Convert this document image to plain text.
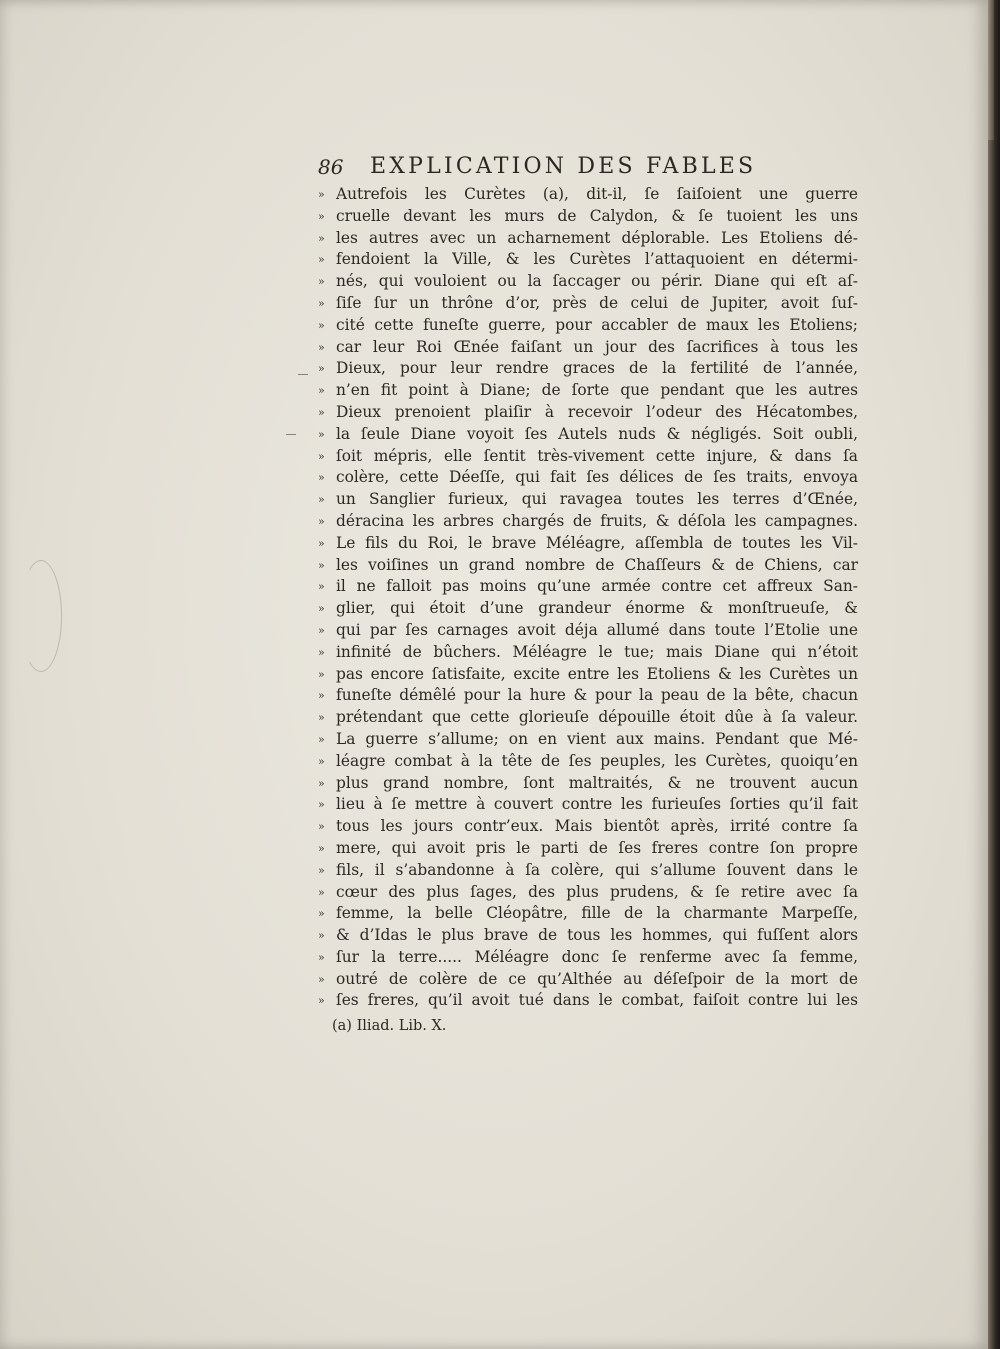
86 EXPLICATION DES FABLES
» Autrefois les Curètes (a), dit-il, ſe ſaiſoient une guerre
» cruelle devant les murs de Calydon, & ſe tuoient les uns
» les autres avec un acharnement déplorable. Les Etoliens dé-
» fendoient la Ville, & les Curètes l’attaquoient en détermi-
» nés, qui vouloient ou la ſaccager ou périr. Diane qui eſt aſ-
» ſiſe ſur un thrône d’or, près de celui de Jupiter, avoit ſuſ-
» cité cette funeſte guerre, pour accabler de maux les Etoliens;
» car leur Roi Œnée faiſant un jour des ſacrifices à tous les
» Dieux, pour leur rendre graces de la fertilité de l’année,
» n’en fit point à Diane; de ſorte que pendant que les autres
» Dieux prenoient plaiſir à recevoir l’odeur des Hécatombes,
» la ſeule Diane voyoit ſes Autels nuds & négligés. Soit oubli,
» ſoit mépris, elle ſentit très-vivement cette injure, & dans ſa
» colère, cette Déeſſe, qui fait ſes délices de ſes traits, envoya
» un Sanglier furieux, qui ravagea toutes les terres d’Œnée,
» déracina les arbres chargés de fruits, & déſola les campagnes.
» Le fils du Roi, le brave Méléagre, aſſembla de toutes les Vil-
» les voiſines un grand nombre de Chaſſeurs & de Chiens, car
» il ne falloit pas moins qu’une armée contre cet affreux San-
» glier, qui étoit d’une grandeur énorme & monſtrueuſe, &
» qui par ſes carnages avoit déja allumé dans toute l’Etolie une
» infinité de bûchers. Méléagre le tue; mais Diane qui n’étoit
» pas encore ſatisfaite, excite entre les Etoliens & les Curètes un
» funeſte démêlé pour la hure & pour la peau de la bête, chacun
» prétendant que cette glorieuſe dépouille étoit dûe à ſa valeur.
» La guerre s’allume; on en vient aux mains. Pendant que Mé-
» léagre combat à la tête de ſes peuples, les Curètes, quoiqu’en
» plus grand nombre, ſont maltraités, & ne trouvent aucun
» lieu à ſe mettre à couvert contre les furieuſes ſorties qu’il fait
» tous les jours contr’eux. Mais bientôt après, irrité contre ſa
» mere, qui avoit pris le parti de ſes freres contre ſon propre
» fils, il s’abandonne à ſa colère, qui s’allume ſouvent dans le
» cœur des plus ſages, des plus prudens, & ſe retire avec ſa
» femme, la belle Cléopâtre, fille de la charmante Marpeſſe,
» & d’Idas le plus brave de tous les hommes, qui fuſſent alors
» ſur la terre..... Méléagre donc ſe renferme avec ſa femme,
» outré de colère de ce qu’Althée au déſeſpoir de la mort de
» ſes freres, qu’il avoit tué dans le combat, faiſoit contre lui les
(a) Iliad. Lib. X.
